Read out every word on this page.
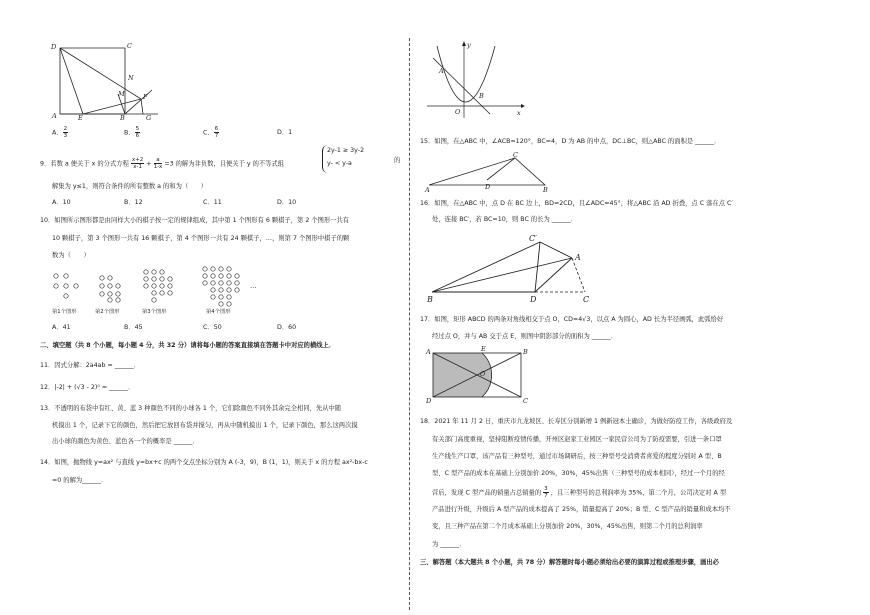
D	C
N
M	F
A	E	B	G
A． $\frac{2}{3}$	B． $\frac{5}{6}$	C． $\frac{6}{7}$	D．1
9．若数 a 使关于 x 的分式方程 $\frac{x+2}{x-1} + \frac{a}{1-x} =3$ 的解为非负数，且使关于 y 的不等式组
2y-1 ≥ 3y-2
y- < y-a	的
解集为 y≤1，则符合条件的所有整数 a 的和为（　　）
A．10	B．12	C．11	D．10
10．如图所示图形都是由同样大小的棋子按一定的规律组成，其中第 1 个图形有 6 颗棋子，第 2 个图形一共有
10 颗棋子，第 3 个图形一共有 16 颗棋子，第 4 个图形一共有 24 颗棋子，…，则第 7 个图形中棋子的颗
数为（　　）
…
第1个图形	第2个图形	第3个图形	第4个图形
A．41	B．45	C．50	D．60
二、填空题（共 8 个小题，每小题 4 分，共 32 分）请将每小题的答案直接填在答题卡中对应的横线上．
11．因式分解：2a4ab = ______．
12．|-2| + (√3 - 2)⁰ = ______．
13．不透明的布袋中有红、黄、蓝 3 种颜色不同的小球各 1 个，它们除颜色不同外其余完全相同，先从中随
机摸出 1 个，记录下它的颜色，然后把它放回布袋并搅匀，再从中随机摸出 1 个，记录下颜色，那么这两次摸
出小球的颜色为黄色、蓝色各一个的概率是 ______．
14．如图，抛物线 y=ax² 与直线 y=bx+c 的两个交点坐标分别为 A (-3，9)，B (1，1)，则关于 x 的方程 ax²-bx-c
=0 的解为______．
y
A
B
O	x
15．如图，在△ABC 中，∠ACB=120°，BC=4，D 为 AB 的中点，DC⊥BC，则△ABC 的面积是 ______．
C
A	D	B
16．如图，在△ABC 中，点 D 在 BC 边上，BD=2CD，且∠ADC=45°，将△ABC 沿 AD 折叠，点 C 落在点 C′
处，连接 BC′，若 BC=10，则 BC 的长为 ______．
C′
A
B	D	C
17．如图，矩形 ABCD 的两条对角线相交于点 O，CD=4√3，以点 A 为圆心，AD 长为半径画弧，此弧恰好
经过点 O，并与 AB 交于点 E，则图中阴影部分的面积为 ______．
A	E	B
O
D	C
18．2021 年 11 月 2 日，重庆市九龙坡区、长寿区分别新增 1 例新冠本土确诊，为做好防疫工作，各级政府及
有关部门高度重视，坚持阻断疫情传播，开州区赵家工业园区一家民营公司为了防疫需要，引进一条口罩
生产线生产口罩，该产品有三种型号，通过市场调研后，按三种型号受消费者喜爱的程度分别对 A 型、B
型、C 型产品的成本在基础上分别加价 20%，30%，45%出售（三种型号的成本相同），经过一个月的经
营后，发现 C 型产品的销量占总销量的 $\frac{3}{7}$ ，且三种型号的总利润率为 35%，第二个月，公司决定对 A 型
产品进行升级，升级后 A 型产品的成本提高了 25%，销量提高了 20%；B 型、C 型产品的销量和成本均不
变，且三种产品在第二个月成本基础上分别加价 20%，30%，45%出售，则第二个月的总利润率
为 ______．
三、解答题（本大题共 8 个小题，共 78 分）解答题时每小题必须给出必要的演算过程或推理步骤，画出必
